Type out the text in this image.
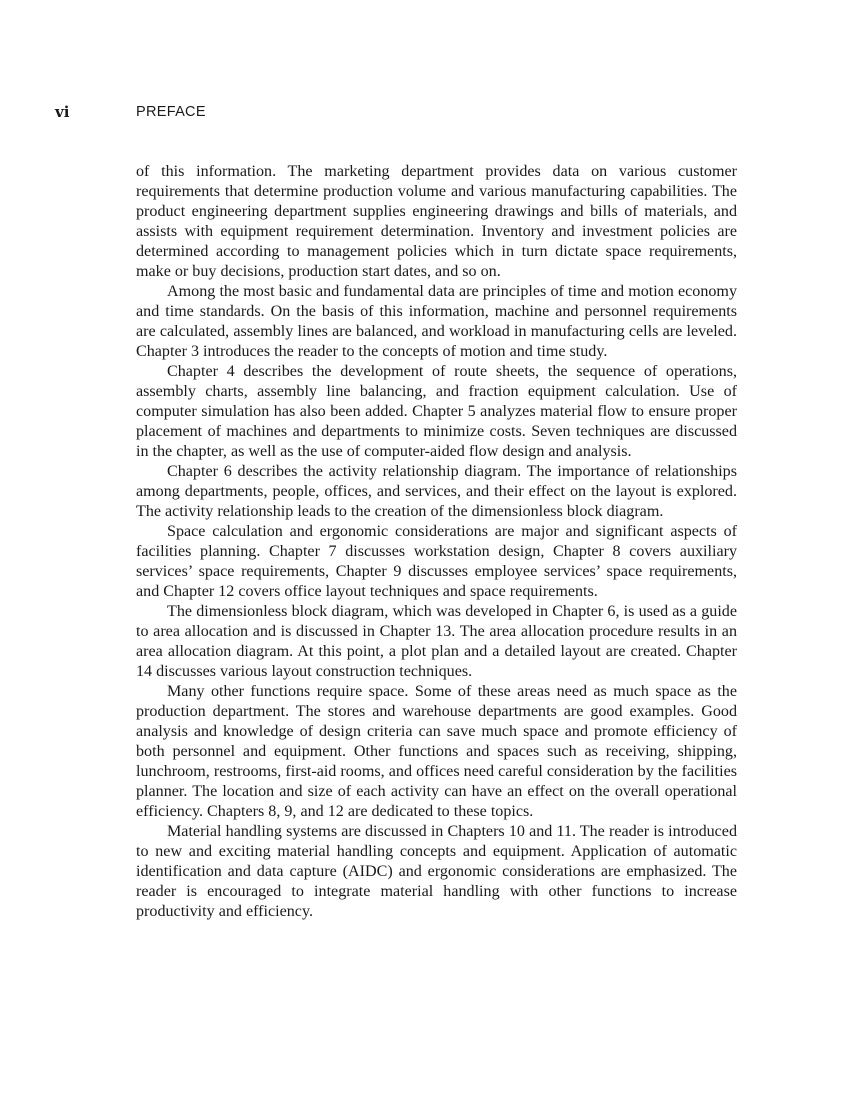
vi	PREFACE

of this information. The marketing department provides data on various customer requirements that determine production volume and various manufacturing capabilities. The product engineering department supplies engineering drawings and bills of materials, and assists with equipment requirement determination. Inventory and investment policies are determined according to management policies which in turn dictate space requirements, make or buy decisions, production start dates, and so on.

Among the most basic and fundamental data are principles of time and motion economy and time standards. On the basis of this information, machine and personnel requirements are calculated, assembly lines are balanced, and workload in manufacturing cells are leveled. Chapter 3 introduces the reader to the concepts of motion and time study.

Chapter 4 describes the development of route sheets, the sequence of operations, assembly charts, assembly line balancing, and fraction equipment calculation. Use of computer simulation has also been added. Chapter 5 analyzes material flow to ensure proper placement of machines and departments to minimize costs. Seven techniques are discussed in the chapter, as well as the use of computer-aided flow design and analysis.

Chapter 6 describes the activity relationship diagram. The importance of relationships among departments, people, offices, and services, and their effect on the layout is explored. The activity relationship leads to the creation of the dimensionless block diagram.

Space calculation and ergonomic considerations are major and significant aspects of facilities planning. Chapter 7 discusses workstation design, Chapter 8 covers auxiliary services’ space requirements, Chapter 9 discusses employee services’ space requirements, and Chapter 12 covers office layout techniques and space requirements.

The dimensionless block diagram, which was developed in Chapter 6, is used as a guide to area allocation and is discussed in Chapter 13. The area allocation procedure results in an area allocation diagram. At this point, a plot plan and a detailed layout are created. Chapter 14 discusses various layout construction techniques.

Many other functions require space. Some of these areas need as much space as the production department. The stores and warehouse departments are good examples. Good analysis and knowledge of design criteria can save much space and promote efficiency of both personnel and equipment. Other functions and spaces such as receiving, shipping, lunchroom, restrooms, first-aid rooms, and offices need careful consideration by the facilities planner. The location and size of each activity can have an effect on the overall operational efficiency. Chapters 8, 9, and 12 are dedicated to these topics.

Material handling systems are discussed in Chapters 10 and 11. The reader is introduced to new and exciting material handling concepts and equipment. Application of automatic identification and data capture (AIDC) and ergonomic considerations are emphasized. The reader is encouraged to integrate material handling with other functions to increase productivity and efficiency.
